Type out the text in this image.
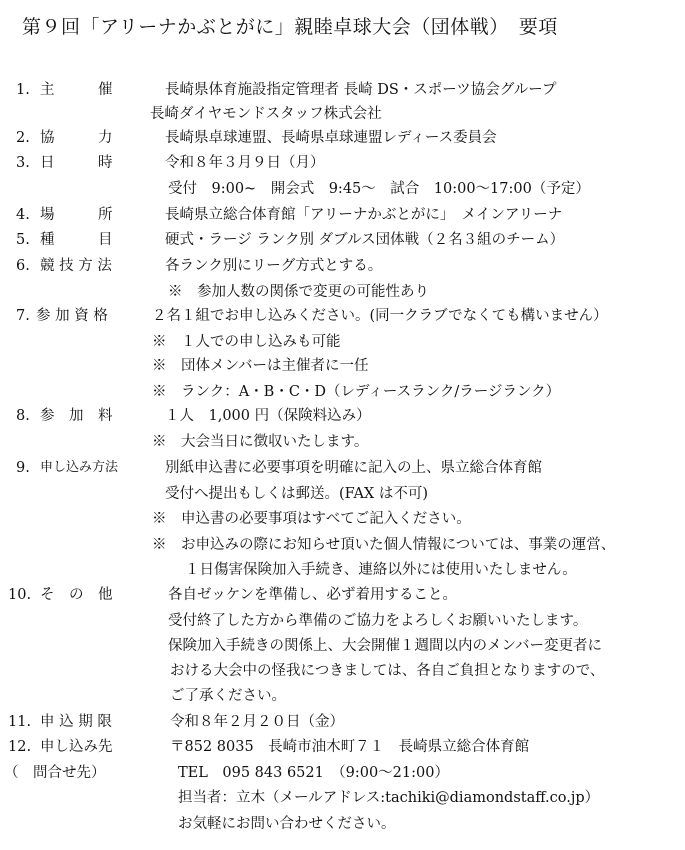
第９回「アリーナかぶとがに」親睦卓球大会（団体戦）　要項
1. 主　　　催	長崎県体育施設指定管理者 長崎 DS・スポーツ協会グループ
長崎ダイヤモンドスタッフ株式会社
2. 協　　　力	長崎県卓球連盟、長崎県卓球連盟レディース委員会
3. 日　　　時	令和８年３月９日（月）
受付　9:00~　開会式　9:45～　試合　10:00～17:00（予定）
4. 場　　　所	長崎県立総合体育館「アリーナかぶとがに」　メインアリーナ
5. 種　　　目	硬式・ラージ ランク別 ダブルス団体戦（２名３組のチーム）
6. 競 技 方 法	各ランク別にリーグ方式とする。
※　参加人数の関係で変更の可能性あり
7. 参 加 資 格	２名１組でお申し込みください。(同一クラブでなくても構いません）
※　１人での申し込みも可能
※　団体メンバーは主催者に一任
※　ランク：A・B・C・D（レディースランク/ラージランク）
8. 参　加　料	１人　1,000 円（保険料込み）
※　大会当日に徴収いたします。
9. 申し込み方法	別紙申込書に必要事項を明確に記入の上、県立総合体育館
受付へ提出もしくは郵送。(FAX は不可)
※　申込書の必要事項はすべてご記入ください。
※　お申込みの際にお知らせ頂いた個人情報については、事業の運営、
１日傷害保険加入手続き、連絡以外には使用いたしません。
10. そ　の　他	各自ゼッケンを準備し、必ず着用すること。
受付終了した方から準備のご協力をよろしくお願いいたします。
保険加入手続きの関係上、大会開催１週間以内のメンバー変更者に
おける大会中の怪我につきましては、各自ご負担となりますので、
ご了承ください。
11. 申 込 期 限	令和８年２月２０日（金）
12. 申し込み先	〒852 8035　長崎市油木町７１　長崎県立総合体育館
（　問合せ先）	TEL　095 843 6521　（9:00～21:00）
担当者：立木（メールアドレス:tachiki@diamondstaff.co.jp）
お気軽にお問い合わせください。
